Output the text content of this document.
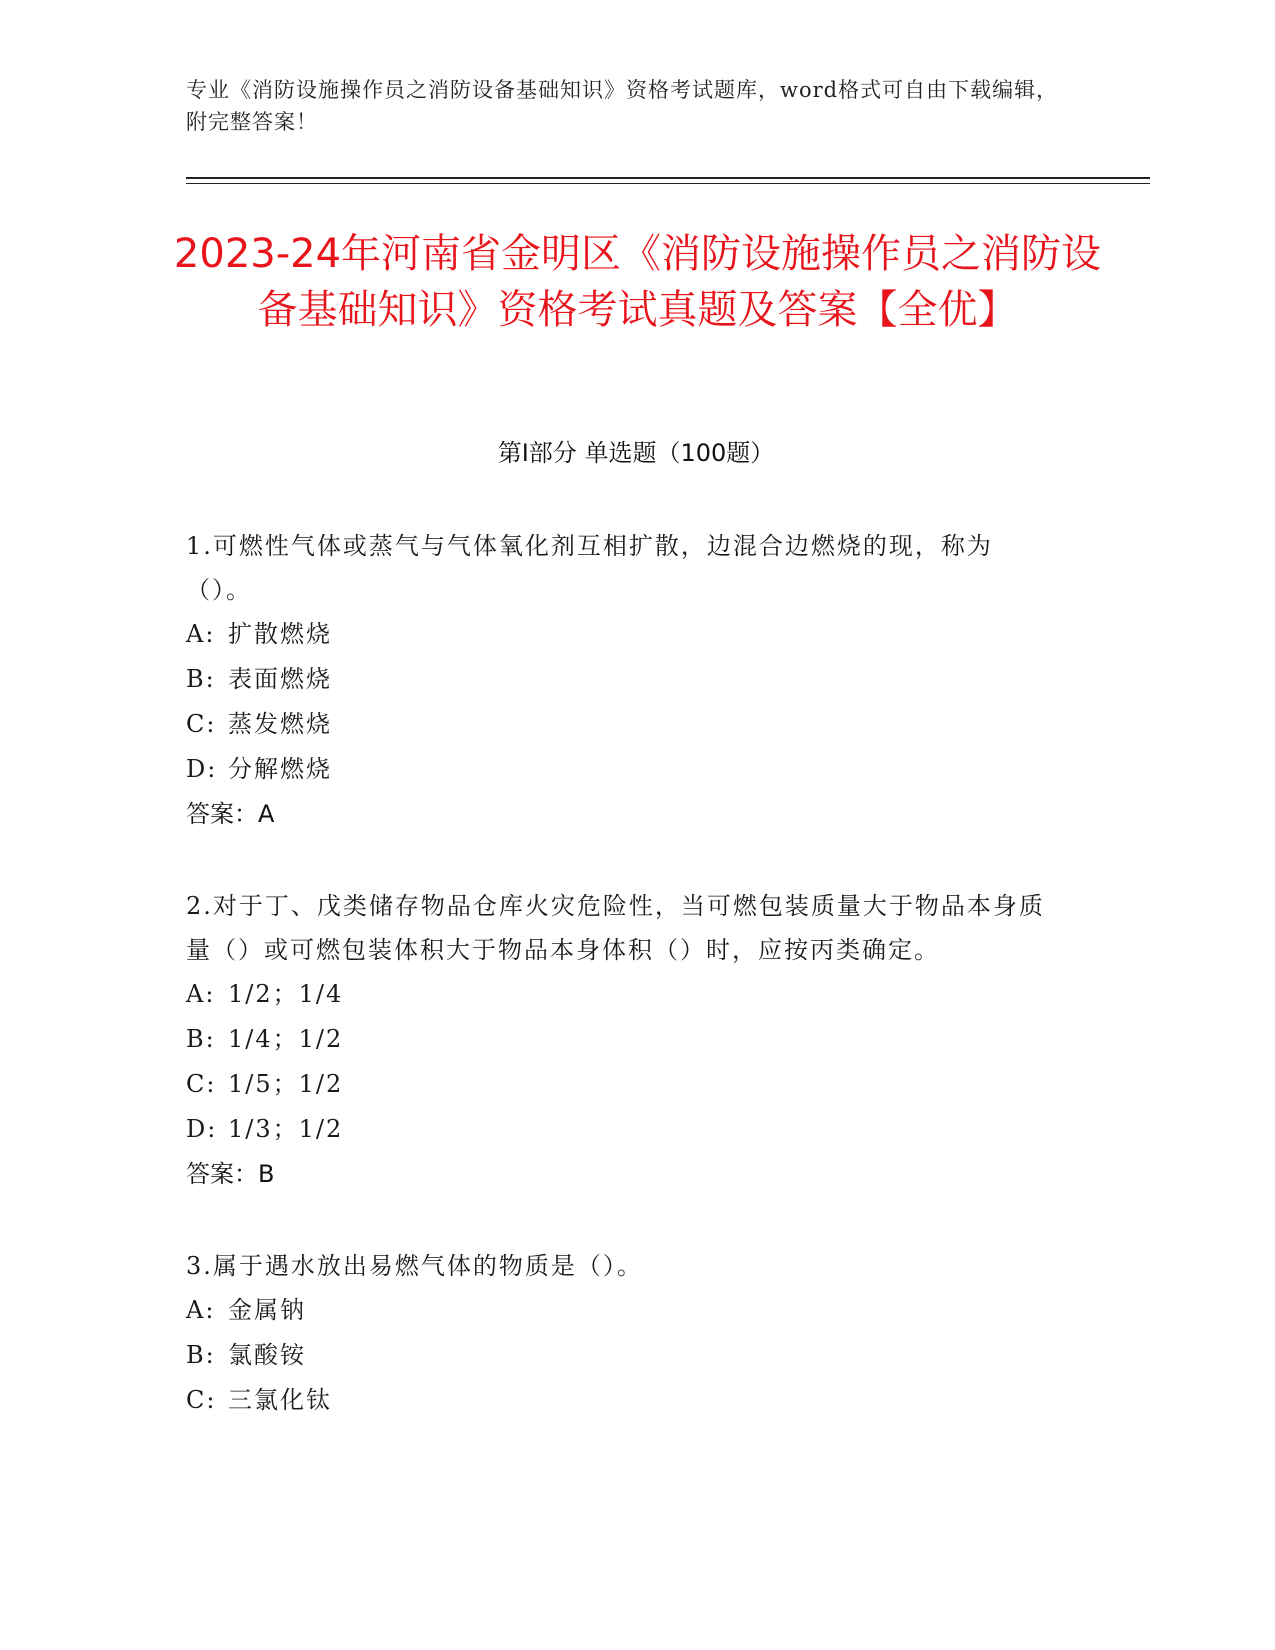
专业《消防设施操作员之消防设备基础知识》资格考试题库，word格式可自由下载编辑，附完整答案！
2023-24年河南省金明区《消防设施操作员之消防设备基础知识》资格考试真题及答案【全优】
第I部分 单选题（100题）
1.可燃性气体或蒸气与气体氧化剂互相扩散，边混合边燃烧的现，称为（）。
A: 扩散燃烧
B: 表面燃烧
C: 蒸发燃烧
D: 分解燃烧
答案：A
2.对于丁、戊类储存物品仓库火灾危险性，当可燃包装质量大于物品本身质量（）或可燃包装体积大于物品本身体积（）时，应按丙类确定。
A: 1/2；1/4
B: 1/4；1/2
C: 1/5；1/2
D: 1/3；1/2
答案：B
3.属于遇水放出易燃气体的物质是（）。
A: 金属钠
B: 氯酸铵
C: 三氯化钛
